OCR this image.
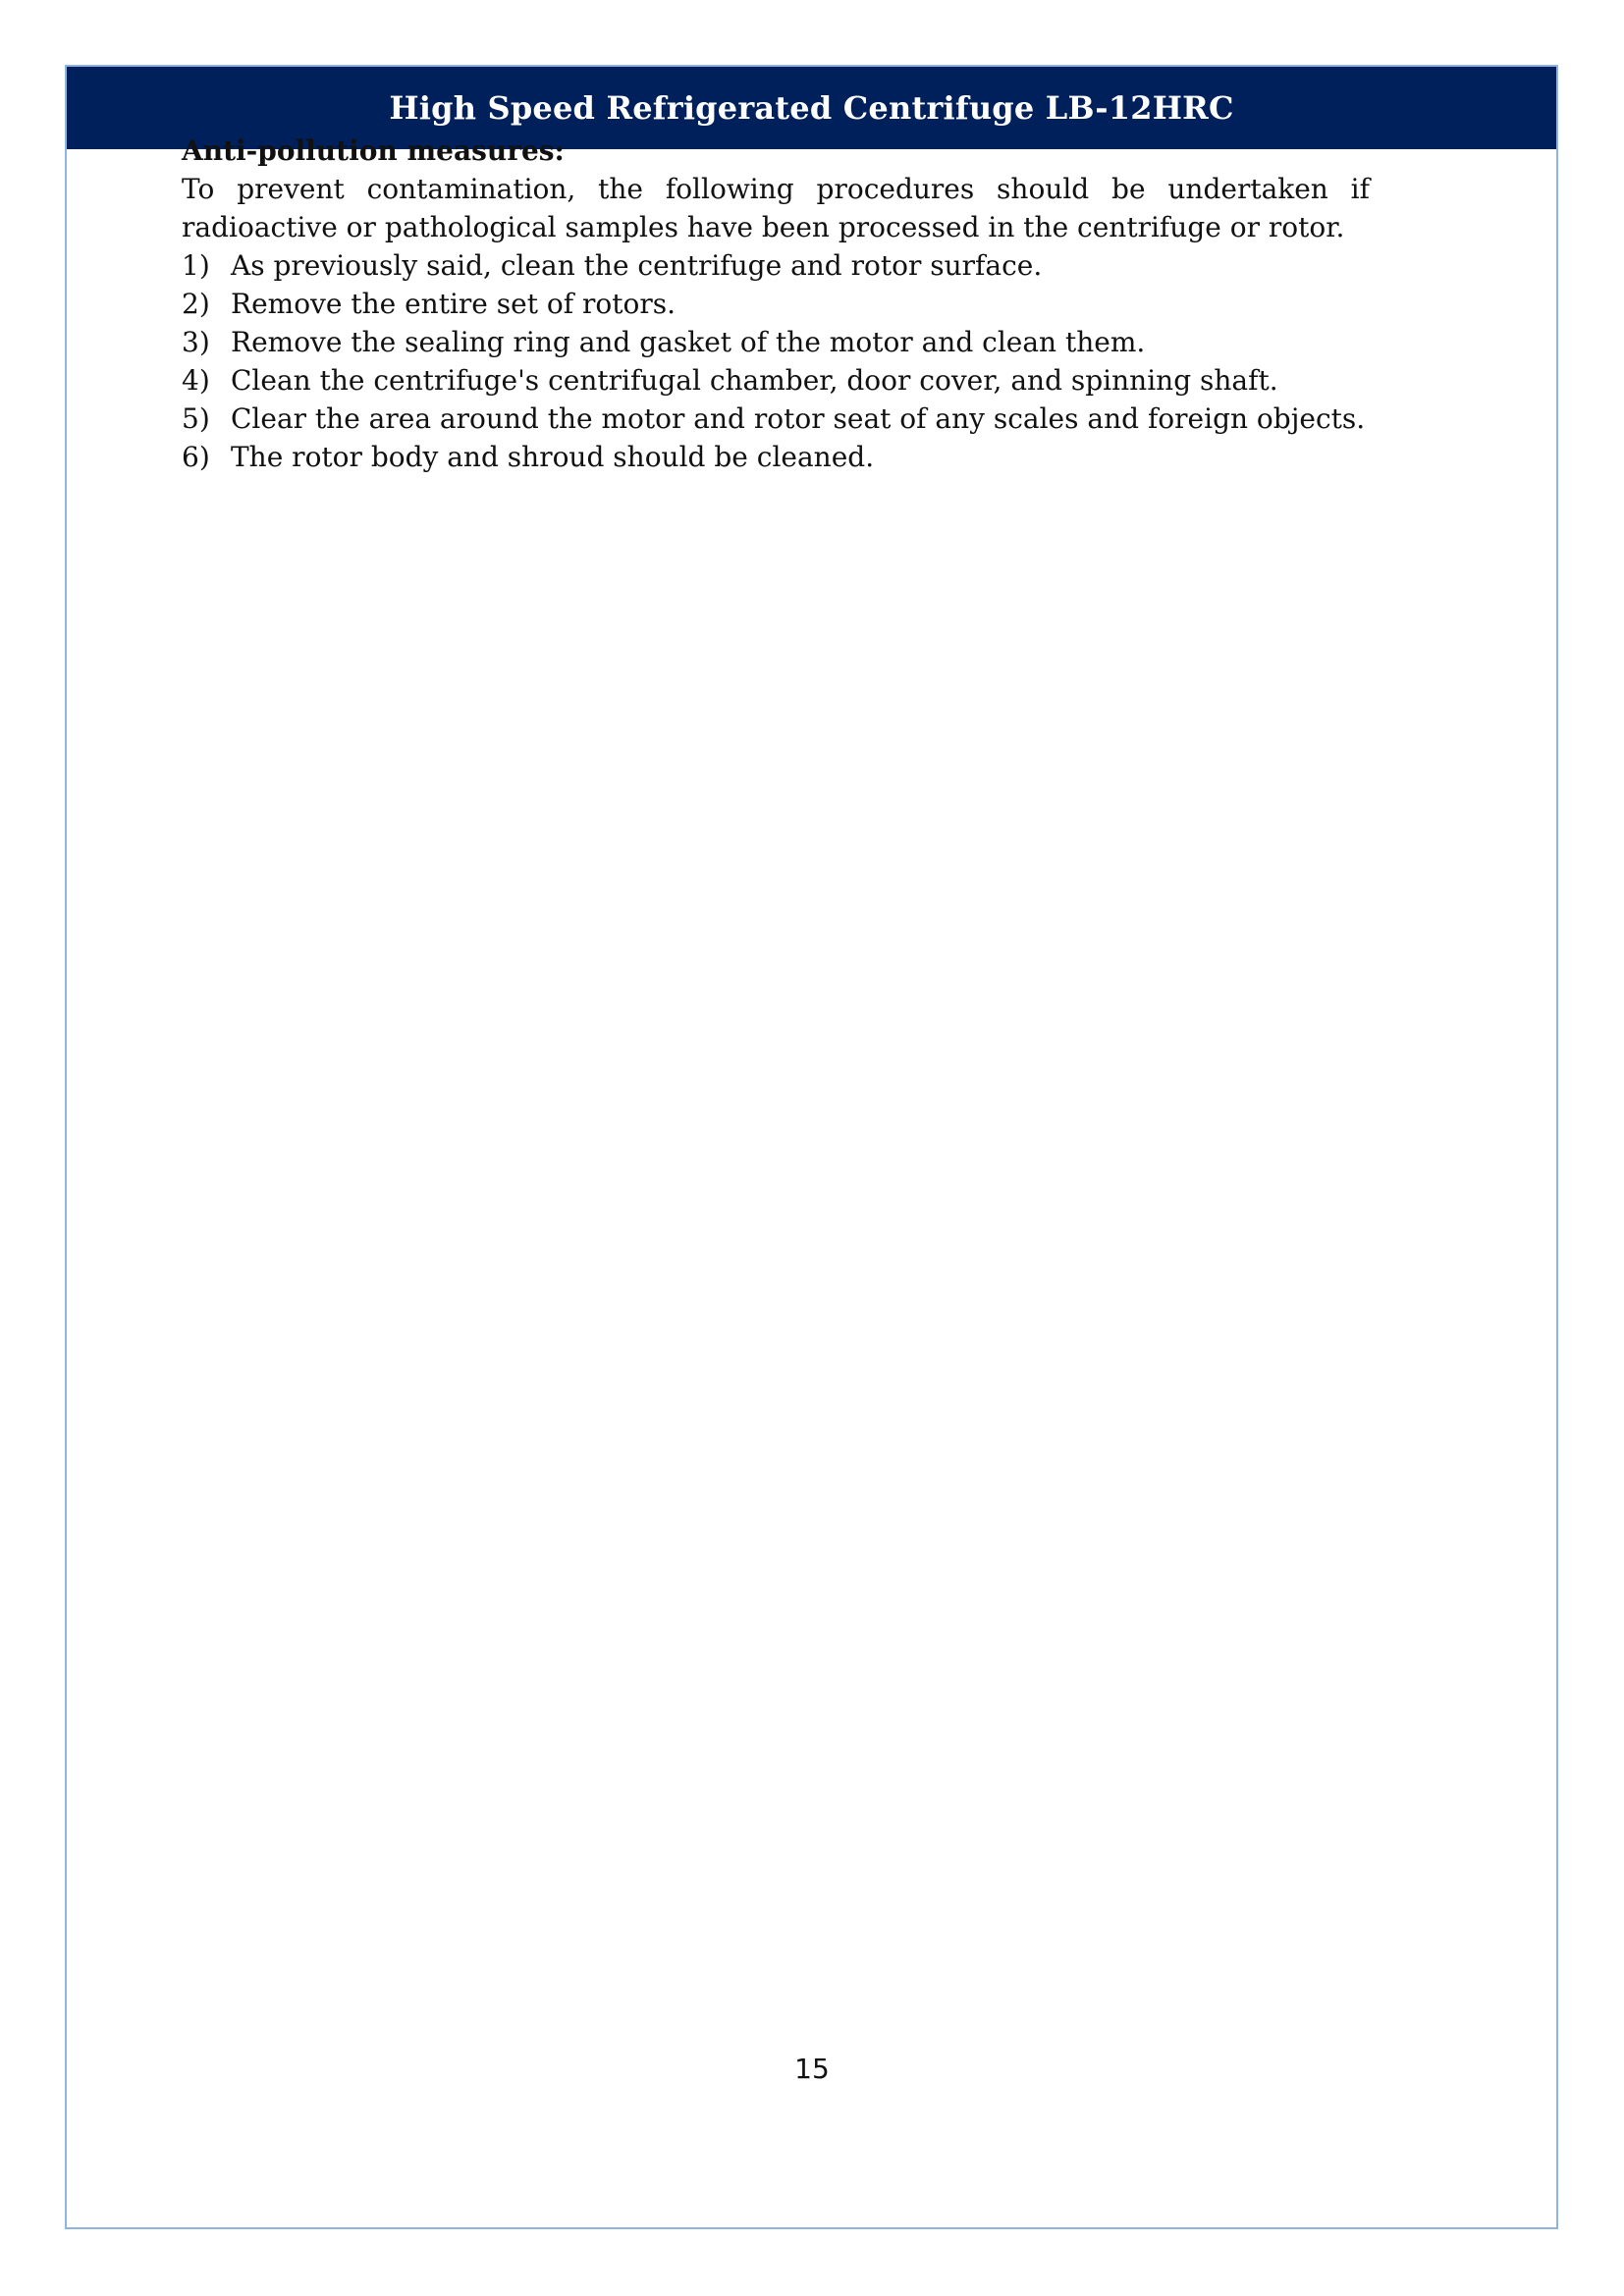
High Speed Refrigerated Centrifuge LB-12HRC

Anti-pollution measures:

To prevent contamination, the following procedures should be undertaken if radioactive or pathological samples have been processed in the centrifuge or rotor.

1) As previously said, clean the centrifuge and rotor surface.
2) Remove the entire set of rotors.
3) Remove the sealing ring and gasket of the motor and clean them.
4) Clean the centrifuge's centrifugal chamber, door cover, and spinning shaft.
5) Clear the area around the motor and rotor seat of any scales and foreign objects.
6) The rotor body and shroud should be cleaned.
15
